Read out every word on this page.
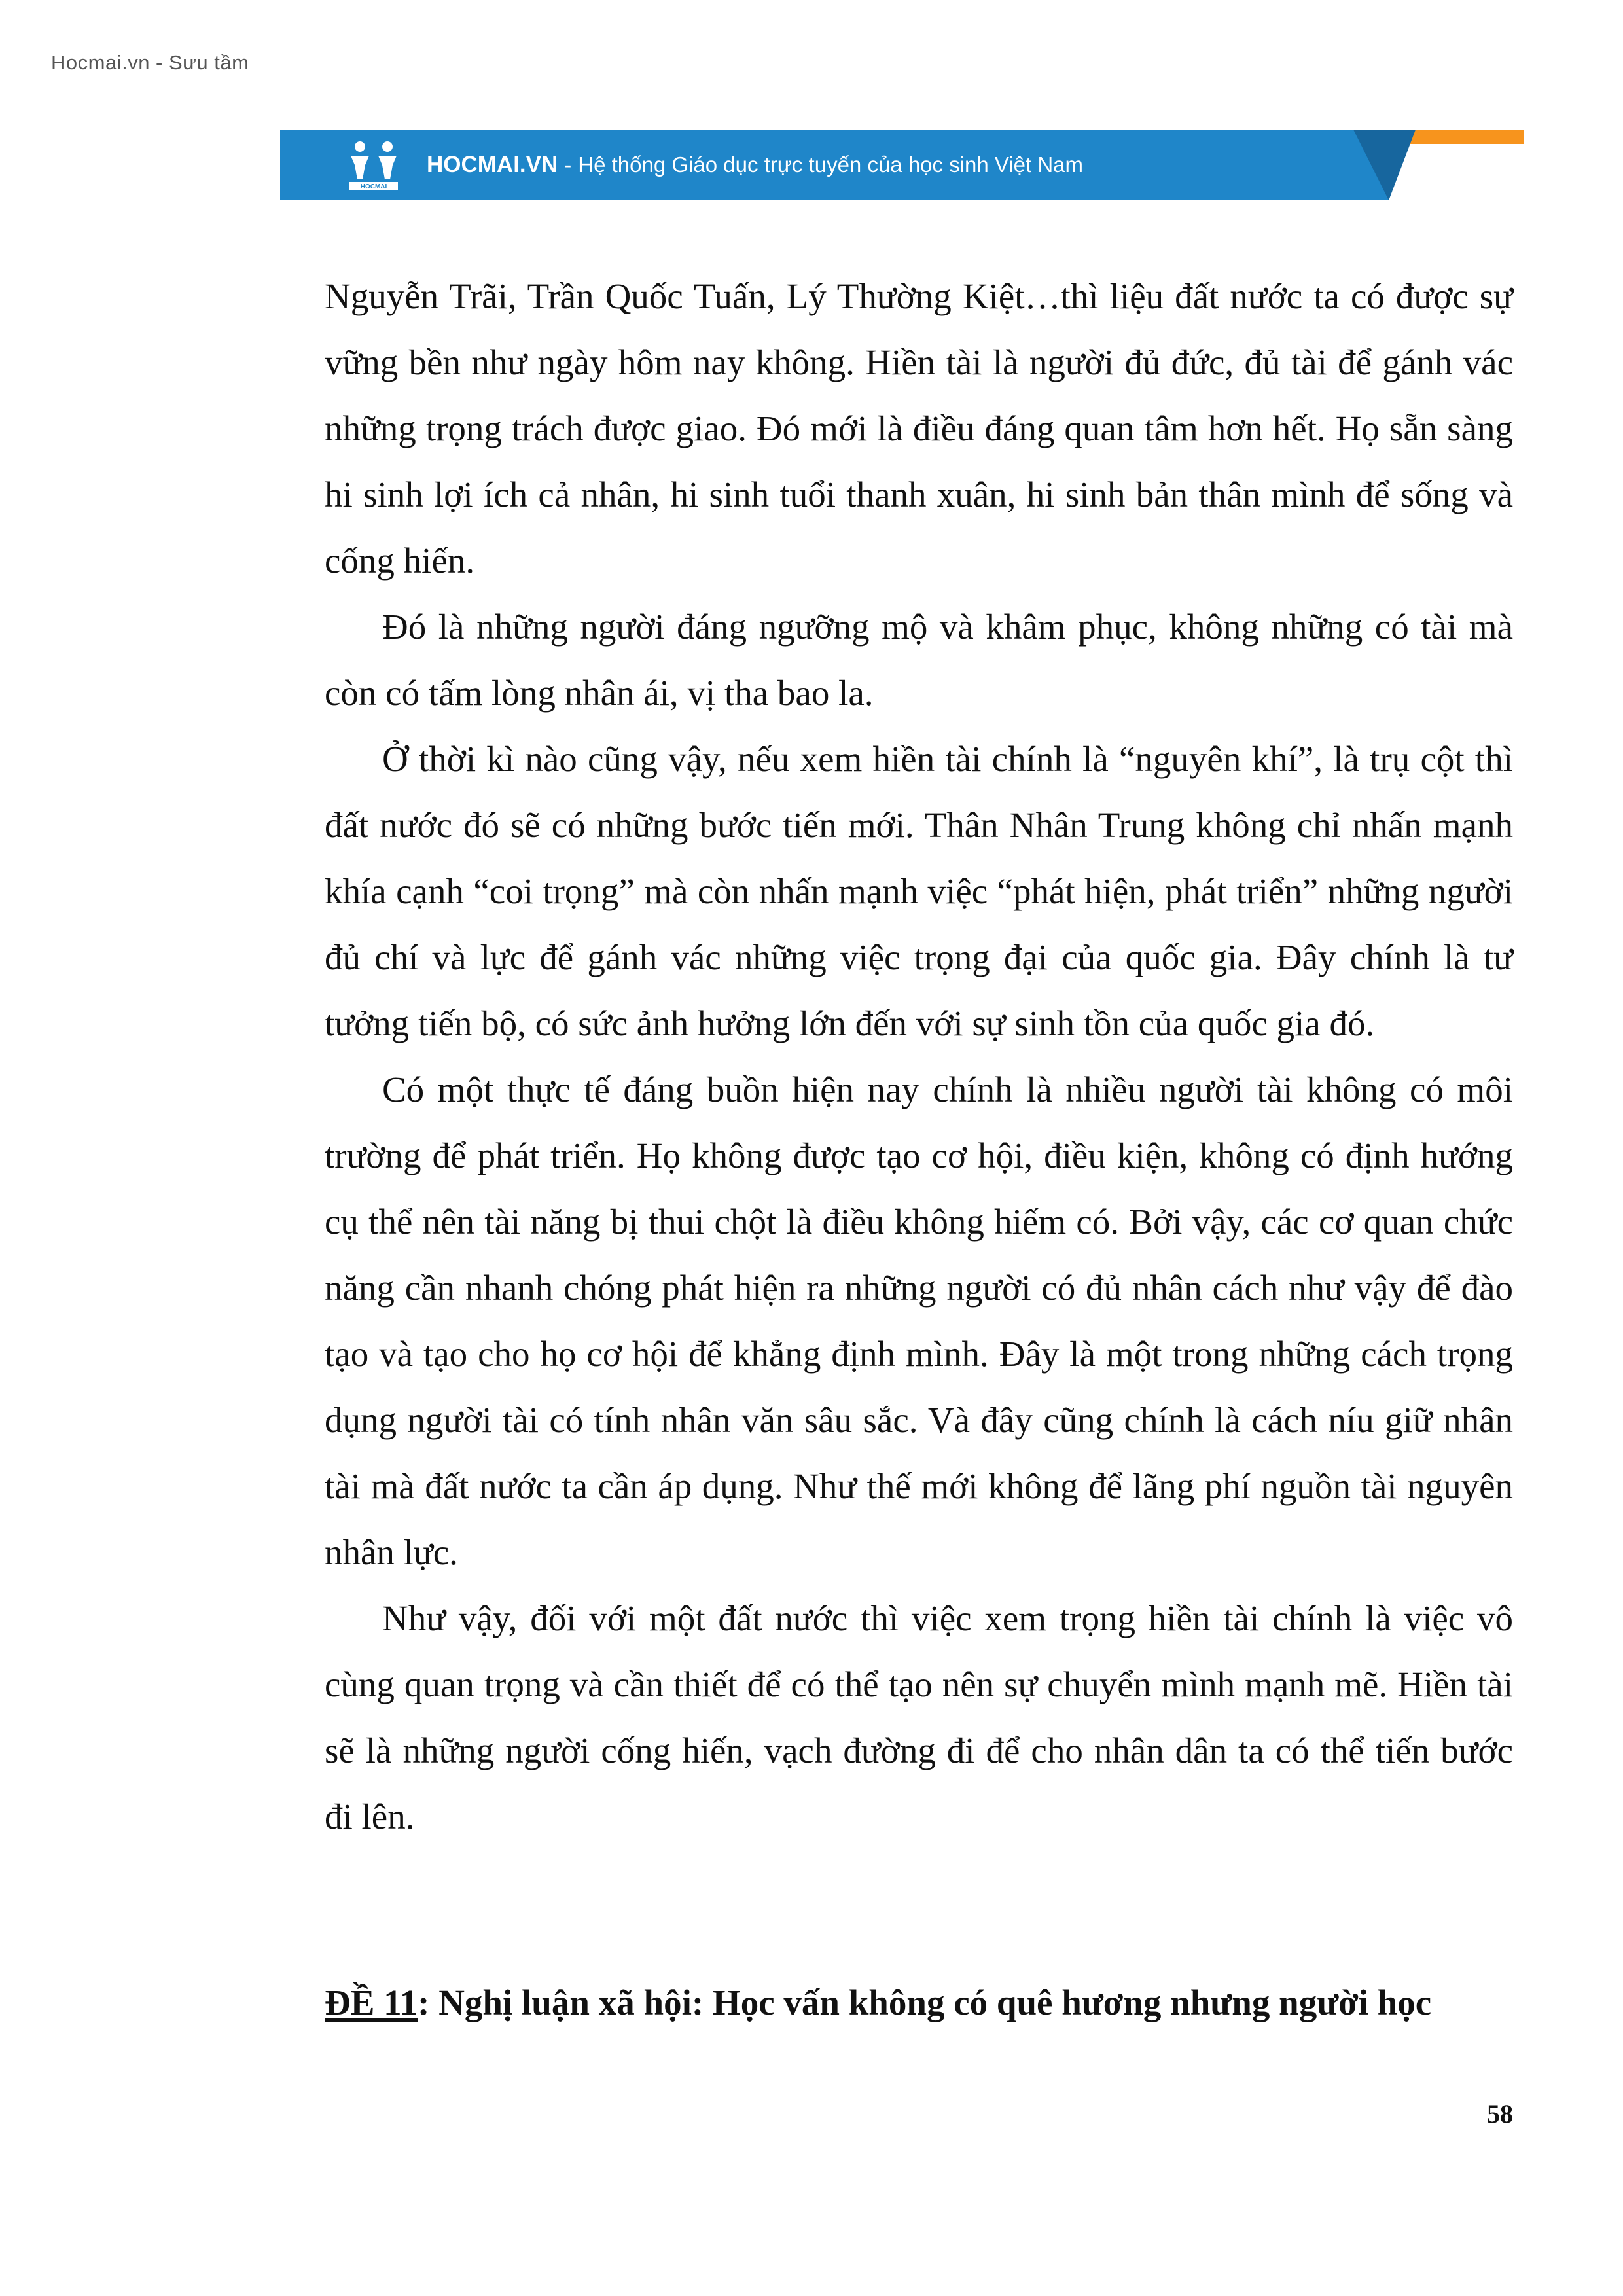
Hocmai.vn - Sưu tầm
HOCMAI
HOCMAI.VN - Hệ thống Giáo dục trực tuyến của học sinh Việt Nam

Nguyễn Trãi, Trần Quốc Tuấn, Lý Thường Kiệt…thì liệu đất nước ta có được sự vững bền như ngày hôm nay không. Hiền tài là người đủ đức, đủ tài để gánh vác những trọng trách được giao. Đó mới là điều đáng quan tâm hơn hết. Họ sẵn sàng hi sinh lợi ích cả nhân, hi sinh tuổi thanh xuân, hi sinh bản thân mình để sống và cống hiến.

Đó là những người đáng ngưỡng mộ và khâm phục, không những có tài mà còn có tấm lòng nhân ái, vị tha bao la.

Ở thời kì nào cũng vậy, nếu xem hiền tài chính là “nguyên khí”, là trụ cột thì đất nước đó sẽ có những bước tiến mới. Thân Nhân Trung không chỉ nhấn mạnh khía cạnh “coi trọng” mà còn nhấn mạnh việc “phát hiện, phát triển” những người đủ chí và lực để gánh vác những việc trọng đại của quốc gia. Đây chính là tư tưởng tiến bộ, có sức ảnh hưởng lớn đến với sự sinh tồn của quốc gia đó.

Có một thực tế đáng buồn hiện nay chính là nhiều người tài không có môi trường để phát triển. Họ không được tạo cơ hội, điều kiện, không có định hướng cụ thể nên tài năng bị thui chột là điều không hiếm có. Bởi vậy, các cơ quan chức năng cần nhanh chóng phát hiện ra những người có đủ nhân cách như vậy để đào tạo và tạo cho họ cơ hội để khẳng định mình. Đây là một trong những cách trọng dụng người tài có tính nhân văn sâu sắc. Và đây cũng chính là cách níu giữ nhân tài mà đất nước ta cần áp dụng. Như thế mới không để lãng phí nguồn tài nguyên nhân lực.

Như vậy, đối với một đất nước thì việc xem trọng hiền tài chính là việc vô cùng quan trọng và cần thiết để có thể tạo nên sự chuyển mình mạnh mẽ. Hiền tài sẽ là những người cống hiến, vạch đường đi để cho nhân dân ta có thể tiến bước đi lên.

ĐỀ 11: Nghị luận xã hội: Học vấn không có quê hương nhưng người học
58
